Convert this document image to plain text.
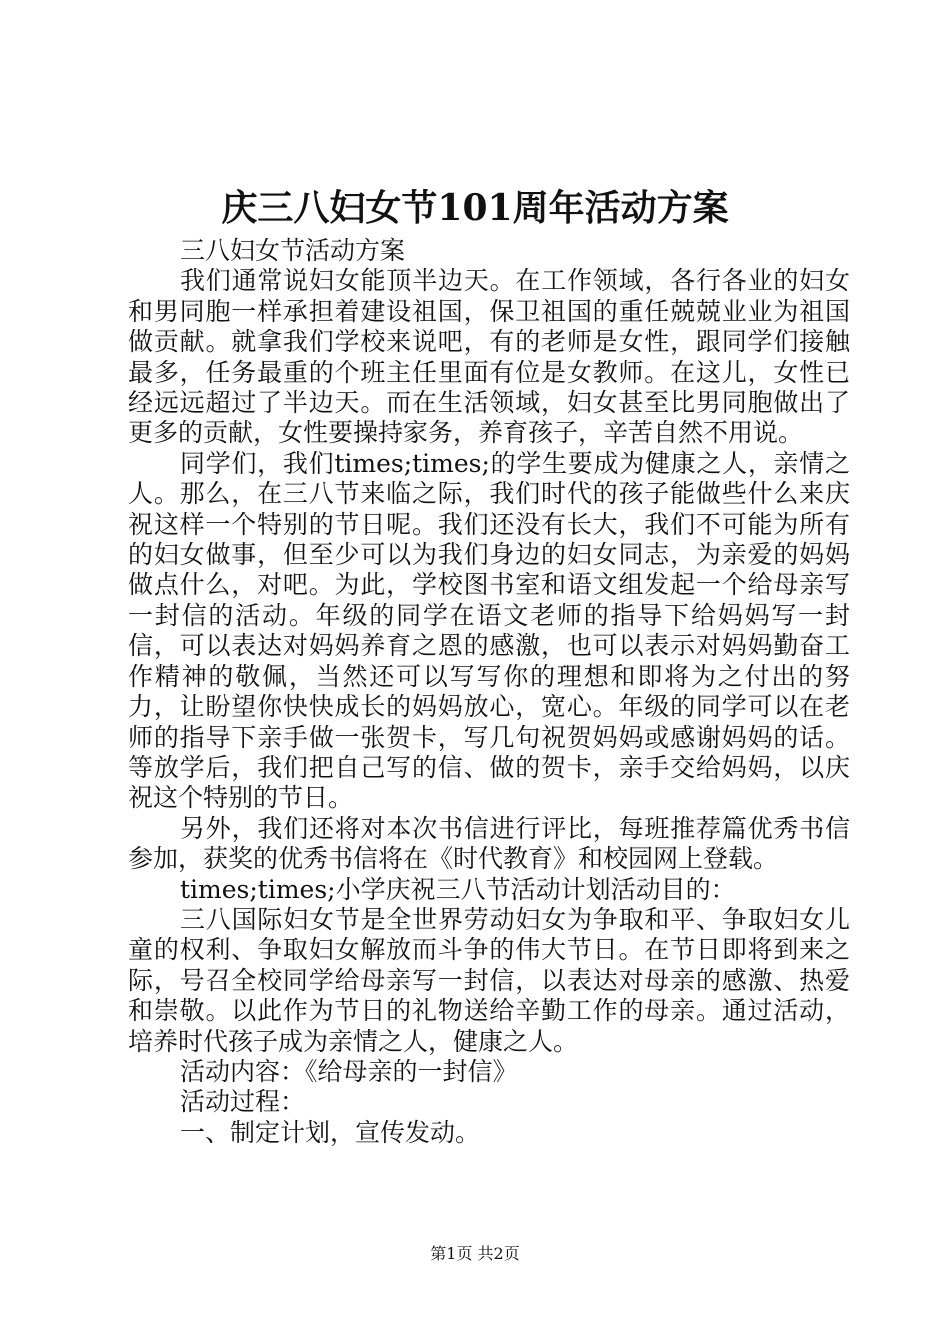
庆三八妇女节101周年活动方案

三八妇女节活动方案

我们通常说妇女能顶半边天。在工作领域，各行各业的妇女和男同胞一样承担着建设祖国，保卫祖国的重任兢兢业业为祖国做贡献。就拿我们学校来说吧，有的老师是女性，跟同学们接触最多，任务最重的个班主任里面有位是女教师。在这儿，女性已经远远超过了半边天。而在生活领域，妇女甚至比男同胞做出了更多的贡献，女性要操持家务，养育孩子，辛苦自然不用说。

同学们，我们times;times;的学生要成为健康之人，亲情之人。那么，在三八节来临之际，我们时代的孩子能做些什么来庆祝这样一个特别的节日呢。我们还没有长大，我们不可能为所有的妇女做事，但至少可以为我们身边的妇女同志，为亲爱的妈妈做点什么，对吧。为此，学校图书室和语文组发起一个给母亲写一封信的活动。年级的同学在语文老师的指导下给妈妈写一封信，可以表达对妈妈养育之恩的感激，也可以表示对妈妈勤奋工作精神的敬佩，当然还可以写写你的理想和即将为之付出的努力，让盼望你快快成长的妈妈放心，宽心。年级的同学可以在老师的指导下亲手做一张贺卡，写几句祝贺妈妈或感谢妈妈的话。等放学后，我们把自己写的信、做的贺卡，亲手交给妈妈，以庆祝这个特别的节日。

另外，我们还将对本次书信进行评比，每班推荐篇优秀书信参加，获奖的优秀书信将在《时代教育》和校园网上登载。

times;times;小学庆祝三八节活动计划活动目的：

三八国际妇女节是全世界劳动妇女为争取和平、争取妇女儿童的权利、争取妇女解放而斗争的伟大节日。在节日即将到来之际，号召全校同学给母亲写一封信，以表达对母亲的感激、热爱和崇敬。以此作为节日的礼物送给辛勤工作的母亲。通过活动，培养时代孩子成为亲情之人，健康之人。

活动内容：《给母亲的一封信》

活动过程：

一、制定计划，宣传发动。

第1页 共2页
